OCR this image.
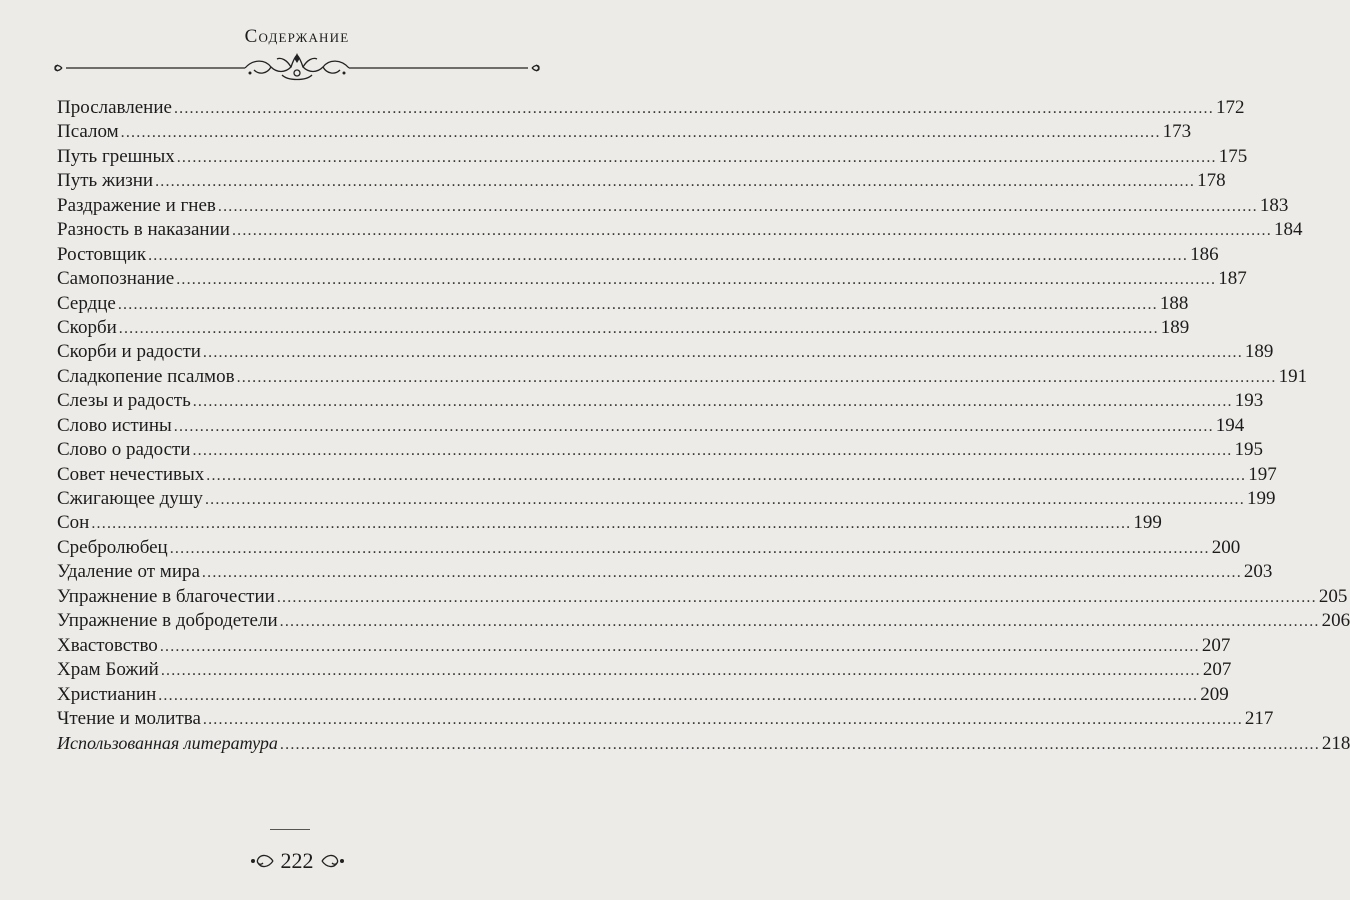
Содержание
Прославление ........................................................................................................................................................................................................ 172
Псалом ........................................................................................................................................................................................................ 173
Путь грешных ........................................................................................................................................................................................................ 175
Путь жизни ........................................................................................................................................................................................................ 178
Раздражение и гнев ........................................................................................................................................................................................................ 183
Разность в наказании ........................................................................................................................................................................................................ 184
Ростовщик ........................................................................................................................................................................................................ 186
Самопознание ........................................................................................................................................................................................................ 187
Сердце ........................................................................................................................................................................................................ 188
Скорби ........................................................................................................................................................................................................ 189
Скорби и радости ........................................................................................................................................................................................................ 189
Сладкопение псалмов ........................................................................................................................................................................................................ 191
Слезы и радость ........................................................................................................................................................................................................ 193
Слово истины ........................................................................................................................................................................................................ 194
Слово о радости ........................................................................................................................................................................................................ 195
Совет нечестивых ........................................................................................................................................................................................................ 197
Сжигающее душу ........................................................................................................................................................................................................ 199
Сон ........................................................................................................................................................................................................ 199
Сребролюбец ........................................................................................................................................................................................................ 200
Удаление от мира ........................................................................................................................................................................................................ 203
Упражнение в благочестии ........................................................................................................................................................................................................ 205
Упражнение в добродетели ........................................................................................................................................................................................................ 206
Хвастовство ........................................................................................................................................................................................................ 207
Храм Божий ........................................................................................................................................................................................................ 207
Христианин ........................................................................................................................................................................................................ 209
Чтение и молитва ........................................................................................................................................................................................................ 217
Использованная литература ........................................................................................................................................................................................................ 218
222
